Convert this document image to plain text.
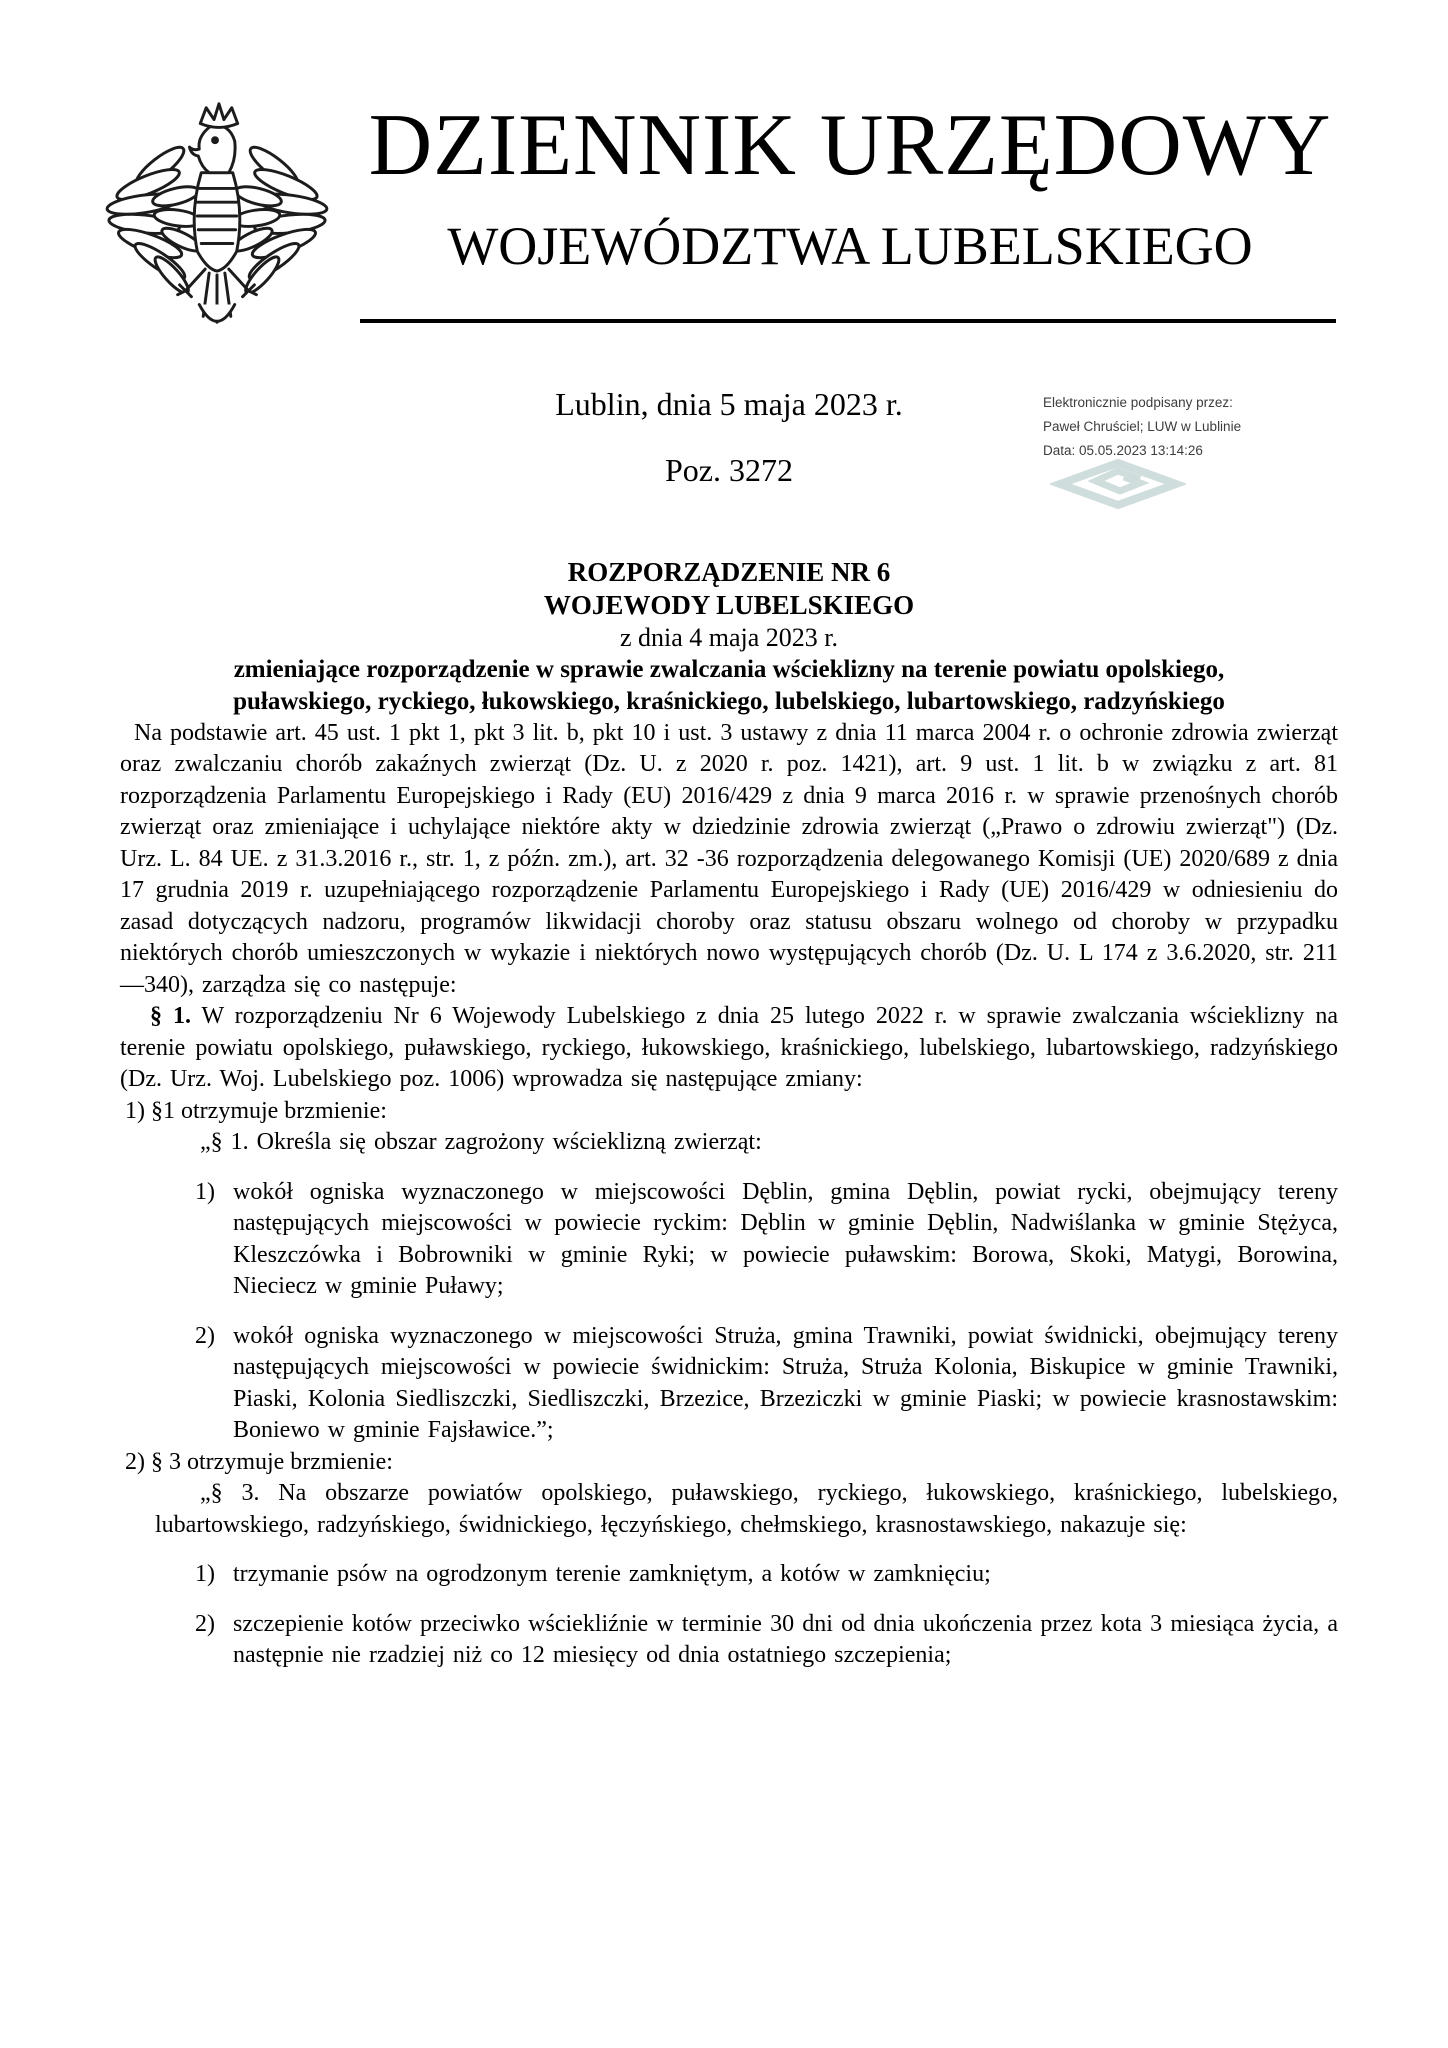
DZIENNIK URZĘDOWY
WOJEWÓDZTWA LUBELSKIEGO
Lublin, dnia 5 maja 2023 r.
Poz. 3272
Elektronicznie podpisany przez:
Paweł Chruściel; LUW w Lublinie
Data: 05.05.2023 13:14:26

ROZPORZĄDZENIE NR 6
WOJEWODY LUBELSKIEGO

z dnia 4 maja 2023 r.

zmieniające rozporządzenie w sprawie zwalczania wścieklizny na terenie powiatu opolskiego,
puławskiego, ryckiego, łukowskiego, kraśnickiego, lubelskiego, lubartowskiego, radzyńskiego

Na podstawie art. 45 ust. 1 pkt 1, pkt 3 lit. b, pkt 10 i ust. 3 ustawy z dnia 11 marca 2004 r. o ochronie zdrowia zwierząt oraz zwalczaniu chorób zakaźnych zwierząt (Dz. U. z 2020 r. poz. 1421), art. 9 ust. 1 lit. b w związku z art. 81 rozporządzenia Parlamentu Europejskiego i Rady (EU) 2016/429 z dnia 9 marca 2016 r. w sprawie przenośnych chorób zwierząt oraz zmieniające i uchylające niektóre akty w dziedzinie zdrowia zwierząt („Prawo o zdrowiu zwierząt") (Dz. Urz. L. 84 UE. z 31.3.2016 r., str. 1, z późn. zm.), art. 32 -36 rozporządzenia delegowanego Komisji (UE) 2020/689 z dnia 17 grudnia 2019 r. uzupełniającego rozporządzenie Parlamentu Europejskiego i Rady (UE) 2016/429 w odniesieniu do zasad dotyczących nadzoru, programów likwidacji choroby oraz statusu obszaru wolnego od choroby w przypadku niektórych chorób umieszczonych w wykazie i niektórych nowo występujących chorób (Dz. U. L 174 z 3.6.2020, str. 211—340), zarządza się co następuje:

§ 1. W rozporządzeniu Nr 6 Wojewody Lubelskiego z dnia 25 lutego 2022 r. w sprawie zwalczania wścieklizny na terenie powiatu opolskiego, puławskiego, ryckiego, łukowskiego, kraśnickiego, lubelskiego, lubartowskiego, radzyńskiego (Dz. Urz. Woj. Lubelskiego poz. 1006) wprowadza się następujące zmiany:

1) §1 otrzymuje brzmienie:

„§ 1. Określa się obszar zagrożony wścieklizną zwierząt:

1) wokół ogniska wyznaczonego w miejscowości Dęblin, gmina Dęblin, powiat rycki, obejmujący tereny następujących miejscowości w powiecie ryckim: Dęblin w gminie Dęblin, Nadwiślanka w gminie Stężyca, Kleszczówka i Bobrowniki w gminie Ryki; w powiecie puławskim: Borowa, Skoki, Matygi, Borowina, Nieciecz w gminie Puławy;
2) wokół ogniska wyznaczonego w miejscowości Struża, gmina Trawniki, powiat świdnicki, obejmujący tereny następujących miejscowości w powiecie świdnickim: Struża, Struża Kolonia, Biskupice w gminie Trawniki, Piaski, Kolonia Siedliszczki, Siedliszczki, Brzezice, Brzeziczki w gminie Piaski; w powiecie krasnostawskim: Boniewo w gminie Fajsławice.”;

2) § 3 otrzymuje brzmienie:

„§ 3. Na obszarze powiatów opolskiego, puławskiego, ryckiego, łukowskiego, kraśnickiego, lubelskiego, lubartowskiego, radzyńskiego, świdnickiego, łęczyńskiego, chełmskiego, krasnostawskiego, nakazuje się:

1) trzymanie psów na ogrodzonym terenie zamkniętym, a kotów w zamknięciu;
2) szczepienie kotów przeciwko wściekliźnie w terminie 30 dni od dnia ukończenia przez kota 3 miesiąca życia, a następnie nie rzadziej niż co 12 miesięcy od dnia ostatniego szczepienia;
